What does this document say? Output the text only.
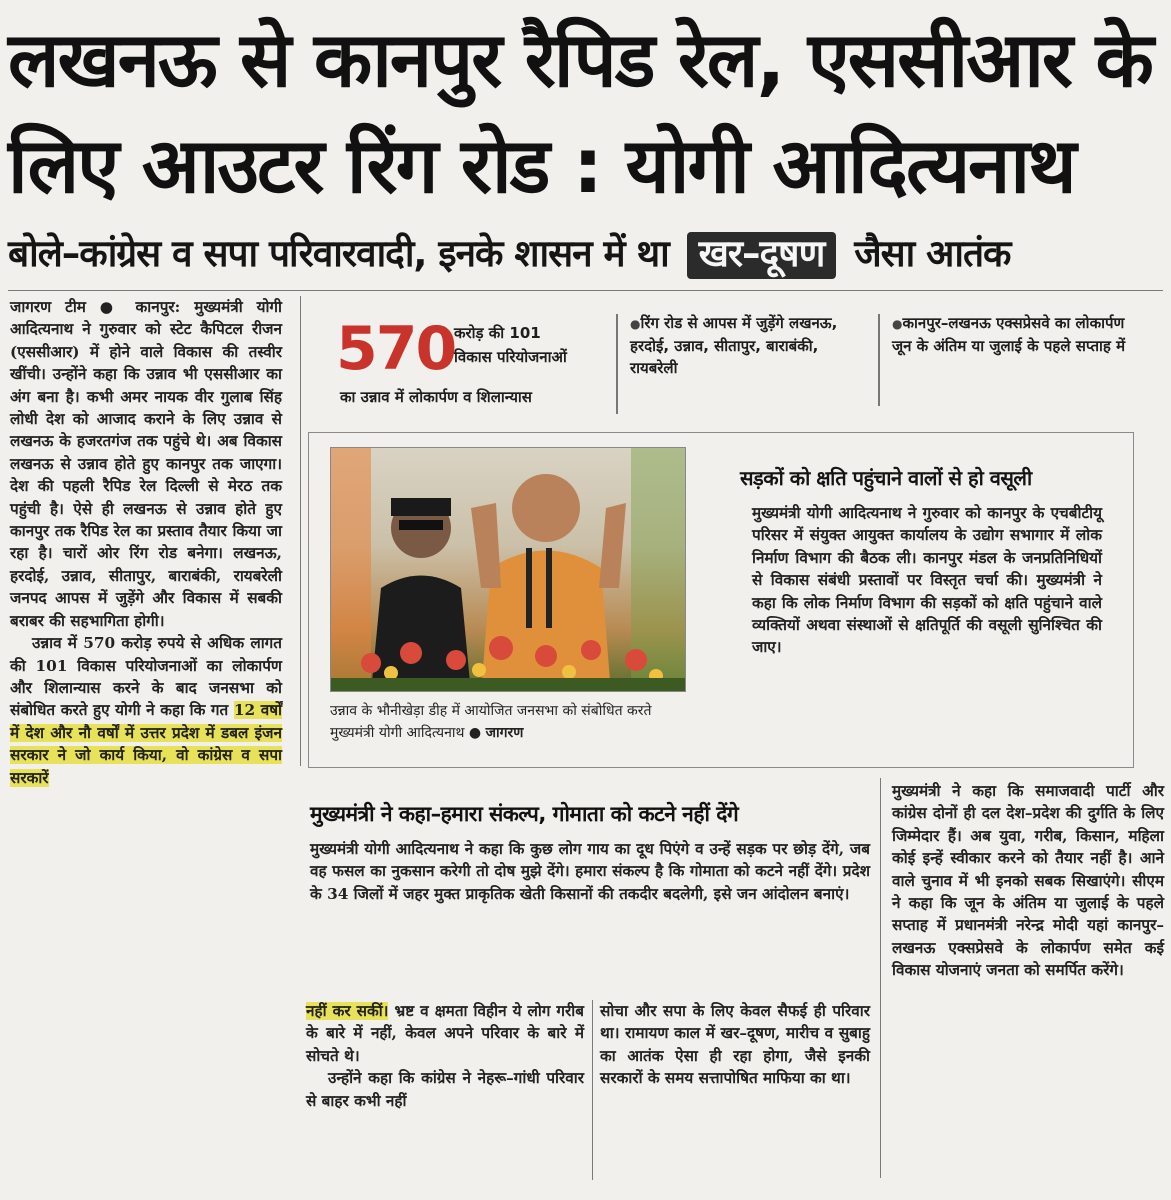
लखनऊ से कानपुर रैपिड रेल, एससीआर के
लिए आउटर रिंग रोड : योगी आदित्यनाथ
बोले–कांग्रेस व सपा परिवारवादी, इनके शासन में था खर–दूषण जैसा आतंक

जागरण टीम ● कानपुर: मुख्यमंत्री योगी आदित्यनाथ ने गुरुवार को स्टेट कैपिटल रीजन (एससीआर) में होने वाले विकास की तस्वीर खींची। उन्होंने कहा कि उन्नाव भी एससीआर का अंग बना है। कभी अमर नायक वीर गुलाब सिंह लोधी देश को आजाद कराने के लिए उन्नाव से लखनऊ के हजरतगंज तक पहुंचे थे। अब विकास लखनऊ से उन्नाव होते हुए कानपुर तक जाएगा। देश की पहली रैपिड रेल दिल्ली से मेरठ तक पहुंची है। ऐसे ही लखनऊ से उन्नाव होते हुए कानपुर तक रैपिड रेल का प्रस्ताव तैयार किया जा रहा है। चारों ओर रिंग रोड बनेगा। लखनऊ, हरदोई, उन्नाव, सीतापुर, बाराबंकी, रायबरेली जनपद आपस में जुड़ेंगे और विकास में सबकी बराबर की सहभागिता होगी।

उन्नाव में 570 करोड़ रुपये से अधिक लागत की 101 विकास परियोजनाओं का लोकार्पण और शिलान्यास करने के बाद जनसभा को संबोधित करते हुए योगी ने कहा कि गत 12 वर्षों में देश और नौ वर्षों में उत्तर प्रदेश में डबल इंजन सरकार ने जो कार्य किया, वो कांग्रेस व सपा सरकारें

570
करोड़ की 101
विकास परियोजनाओं
का उन्नाव में लोकार्पण व शिलान्यास
● रिंग रोड से आपस में जुड़ेंगे लखनऊ, हरदोई, उन्नाव, सीतापुर, बाराबंकी, रायबरेली
● कानपुर–लखनऊ एक्सप्रेसवे का लोकार्पण जून के अंतिम या जुलाई के पहले सप्ताह में
उन्नाव के भौनीखेड़ा डीह में आयोजित जनसभा को संबोधित करते मुख्यमंत्री योगी आदित्यनाथ ● जागरण
सड़कों को क्षति पहुंचाने वालों से हो वसूली
मुख्यमंत्री योगी आदित्यनाथ ने गुरुवार को कानपुर के एचबीटीयू परिसर में संयुक्त आयुक्त कार्यालय के उद्योग सभागार में लोक निर्माण विभाग की बैठक ली। कानपुर मंडल के जनप्रतिनिधियों से विकास संबंधी प्रस्तावों पर विस्तृत चर्चा की। मुख्यमंत्री ने कहा कि लोक निर्माण विभाग की सड़कों को क्षति पहुंचाने वाले व्यक्तियों अथवा संस्थाओं से क्षतिपूर्ति की वसूली सुनिश्चित की जाए।
मुख्यमंत्री ने कहा–हमारा संकल्प, गोमाता को कटने नहीं देंगे
मुख्यमंत्री योगी आदित्यनाथ ने कहा कि कुछ लोग गाय का दूध पिएंगे व उन्हें सड़क पर छोड़ देंगे, जब वह फसल का नुकसान करेगी तो दोष मुझे देंगे। हमारा संकल्प है कि गोमाता को कटने नहीं देंगे। प्रदेश के 34 जिलों में जहर मुक्त प्राकृतिक खेती किसानों की तकदीर बदलेगी, इसे जन आंदोलन बनाएं।
मुख्यमंत्री ने कहा कि समाजवादी पार्टी और कांग्रेस दोनों ही दल देश–प्रदेश की दुर्गति के लिए जिम्मेदार हैं। अब युवा, गरीब, किसान, महिला कोई इन्हें स्वीकार करने को तैयार नहीं है। आने वाले चुनाव में भी इनको सबक सिखाएंगे। सीएम ने कहा कि जून के अंतिम या जुलाई के पहले सप्ताह में प्रधानमंत्री नरेन्द्र मोदी यहां कानपुर–लखनऊ एक्सप्रेसवे के लोकार्पण समेत कई विकास योजनाएं जनता को समर्पित करेंगे।

नहीं कर सकीं। भ्रष्ट व क्षमता विहीन ये लोग गरीब के बारे में नहीं, केवल अपने परिवार के बारे में सोचते थे।

उन्होंने कहा कि कांग्रेस ने नेहरू–गांधी परिवार से बाहर कभी नहीं

सोचा और सपा के लिए केवल सैफई ही परिवार था। रामायण काल में खर–दूषण, मारीच व सुबाहु का आतंक ऐसा ही रहा होगा, जैसे इनकी सरकारों के समय सत्तापोषित माफिया का था।
